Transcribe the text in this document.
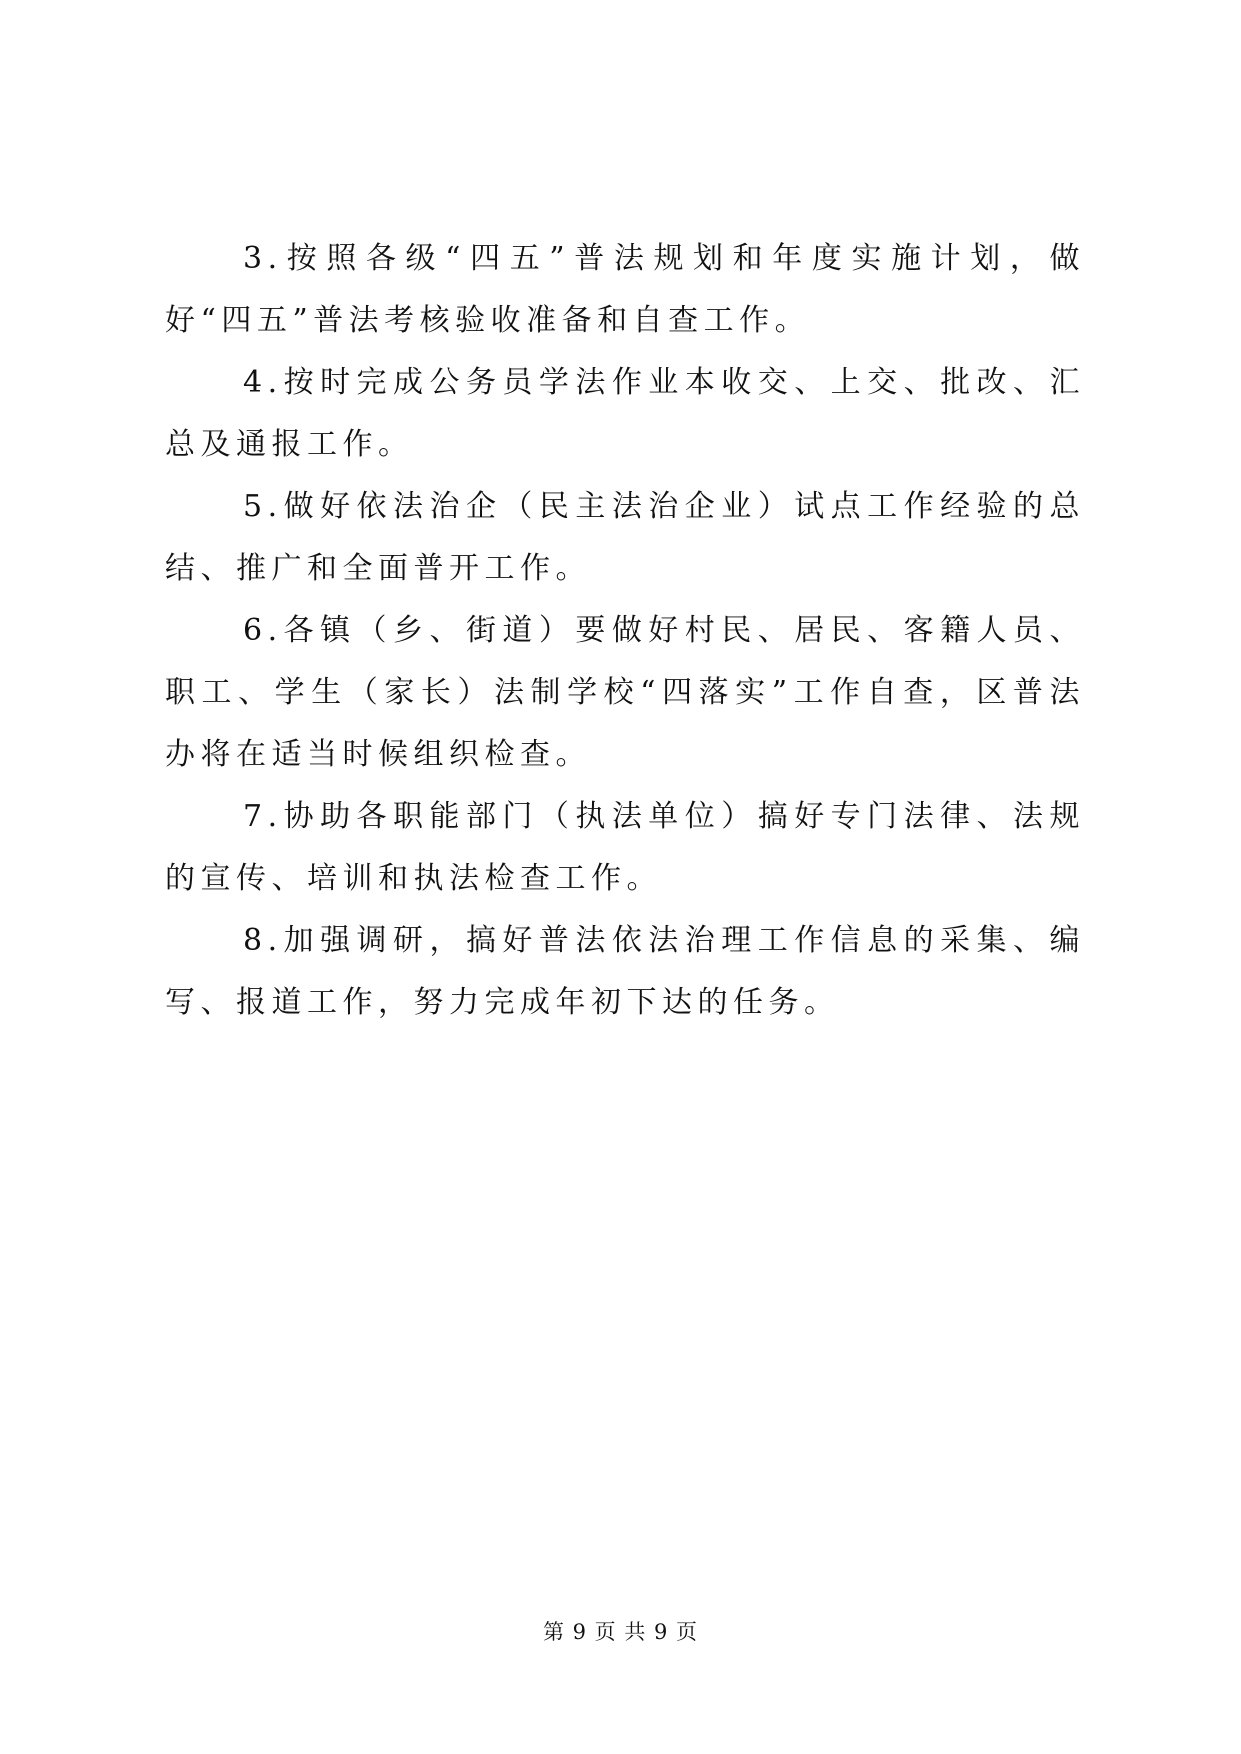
3.按照各级“四五”普法规划和年度实施计划，做好“四五”普法考核验收准备和自查工作。

4.按时完成公务员学法作业本收交、上交、批改、汇总及通报工作。

5.做好依法治企（民主法治企业）试点工作经验的总结、推广和全面普开工作。

6.各镇（乡、街道）要做好村民、居民、客籍人员、职工、学生（家长）法制学校“四落实”工作自查，区普法办将在适当时候组织检查。

7.协助各职能部门（执法单位）搞好专门法律、法规的宣传、培训和执法检查工作。

8.加强调研，搞好普法依法治理工作信息的采集、编写、报道工作，努力完成年初下达的任务。

第 9 页 共 9 页
